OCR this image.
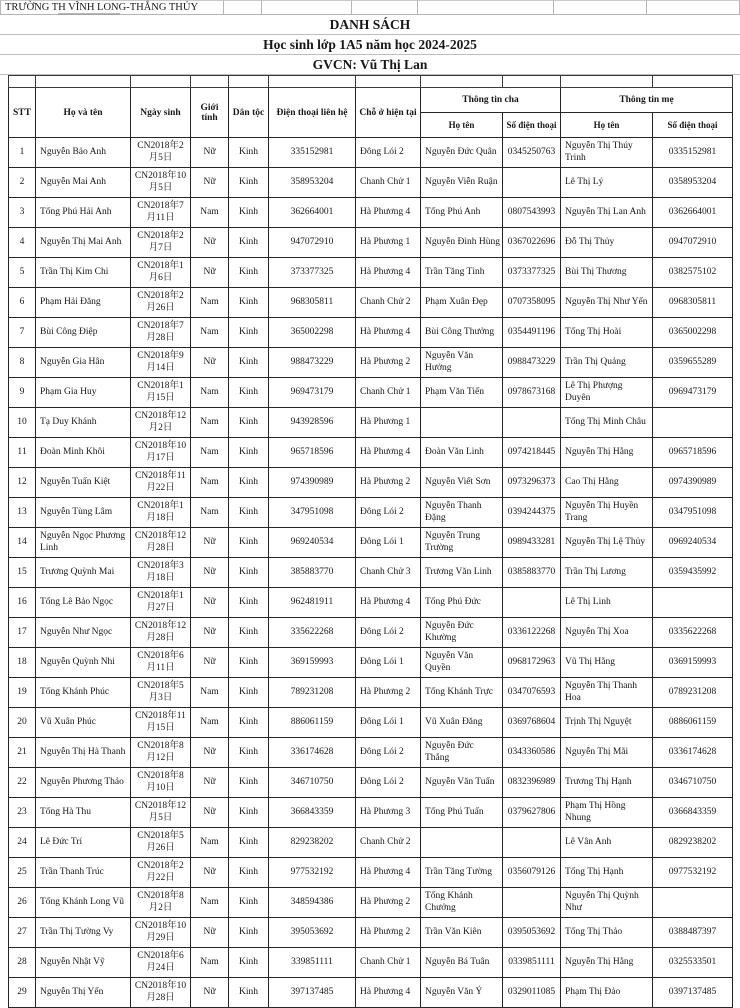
TRƯỜNG TH VĨNH LONG-THẮNG THỦY
DANH SÁCH
Học sinh lớp 1A5 năm học 2024-2025
GVCN: Vũ Thị Lan

STT	Họ và tên	Ngày sinh	Giới tính	Dân tộc	Điện thoại liên hệ	Chỗ ở hiện tại	Thông tin cha		Thông tin mẹ	
							Họ tên	Số điện thoại	Họ tên	Số điện thoại
1	Nguyễn Bảo Anh	CN2018年2月5日	Nữ	Kinh	335152981	Đông Lói 2	Nguyễn Đức Quân	0345250763	Nguyễn Thị Thúy Trinh	0335152981
2	Nguyễn Mai Anh	CN2018年10月5日	Nữ	Kinh	358953204	Chanh Chử 1	Nguyễn Viễn Ruận		Lê Thị Lý	0358953204
3	Tống Phú Hải Anh	CN2018年7月11日	Nam	Kinh	362664001	Hà Phương 4	Tống Phú Anh	0807543993	Nguyễn Thị Lan Anh	0362664001
4	Nguyễn Thị Mai Anh	CN2018年2月7日	Nữ	Kinh	947072910	Hà Phương 1	Nguyễn Đình Hùng	0367022696	Đỗ Thị Thủy	0947072910
5	Trần Thị Kim Chi	CN2018年1月6日	Nữ	Kinh	373377325	Hà Phương 4	Trần Tăng Tình	0373377325	Bùi Thị Thương	0382575102
6	Phạm Hải Đăng	CN2018年2月26日	Nam	Kinh	968305811	Chanh Chử 2	Phạm Xuân Đẹp	0707358095	Nguyễn Thị Như Yến	0968305811
7	Bùi Công Điệp	CN2018年7月28日	Nam	Kinh	365002298	Hà Phương 4	Bùi Công Thưởng	0354491196	Tống Thị Hoài	0365002298
8	Nguyễn Gia Hân	CN2018年9月14日	Nữ	Kinh	988473229	Hà Phương 2	Nguyễn Văn Hưởng	0988473229	Trần Thị Quảng	0359655289
9	Phạm Gia Huy	CN2018年1月15日	Nam	Kinh	969473179	Chanh Chử 1	Phạm Văn Tiến	0978673168	Lê Thị Phượng Duyên	0969473179
10	Tạ Duy Khánh	CN2018年12月2日	Nam	Kinh	943928596	Hà Phương 1			Tống Thị Minh Châu	
11	Đoàn Minh Khôi	CN2018年10月17日	Nam	Kinh	965718596	Hà Phương 4	Đoàn Văn Linh	0974218445	Nguyễn Thị Hằng	0965718596
12	Nguyễn Tuấn Kiệt	CN2018年11月22日	Nam	Kinh	974390989	Hà Phương 2	Nguyễn Viết Sơn	0973296373	Cao Thị Hằng	0974390989
13	Nguyễn Tùng Lâm	CN2018年1月18日	Nam	Kinh	347951098	Đông Lói 2	Nguyễn Thanh Đặng	0394244375	Nguyễn Thị Huyền Trang	0347951098
14	Nguyễn Ngọc Phương Linh	CN2018年12月28日	Nữ	Kinh	969240534	Đông Lói 1	Nguyễn Trung Trường	0989433281	Nguyễn Thị Lệ Thủy	0969240534
15	Trương Quỳnh Mai	CN2018年3月18日	Nữ	Kinh	385883770	Chanh Chử 3	Trương Văn Linh	0385883770	Trần Thị Lương	0359435992
16	Tống Lê Bảo Ngọc	CN2018年1月27日	Nữ	Kinh	962481911	Hà Phương 4	Tống Phú Đức		Lê Thị Linh	
17	Nguyễn Như Ngọc	CN2018年12月28日	Nữ	Kinh	335622268	Đông Lói 2	Nguyễn Đức Khường	0336122268	Nguyễn Thị Xoa	0335622268
18	Nguyễn Quỳnh Nhi	CN2018年6月11日	Nữ	Kinh	369159993	Đông Lói 1	Nguyễn Văn Quyền	0968172963	Vũ Thị Hằng	0369159993
19	Tống Khánh Phúc	CN2018年5月3日	Nam	Kinh	789231208	Hà Phương 2	Tống Khánh Trực	0347076593	Nguyễn Thị Thanh Hoa	0789231208
20	Vũ Xuân Phúc	CN2018年11月15日	Nam	Kinh	886061159	Đông Lói 1	Vũ Xuân Đăng	0369768604	Trịnh Thị Nguyệt	0886061159
21	Nguyễn Thị Hà Thanh	CN2018年8月12日	Nữ	Kinh	336174628	Đông Lói 2	Nguyễn Đức Thắng	0343360586	Nguyễn Thị Mãi	0336174628
22	Nguyễn Phương Thảo	CN2018年8月10日	Nữ	Kinh	346710750	Đông Lói 2	Nguyễn Văn Tuấn	0832396989	Trương Thị Hạnh	0346710750
23	Tống Hà Thu	CN2018年12月5日	Nữ	Kinh	366843359	Hà Phương 3	Tống Phú Tuấn	0379627806	Phạm Thị Hồng Nhung	0366843359
24	Lê Đức Trí	CN2018年5月26日	Nam	Kinh	829238202	Chanh Chử 2			Lê Vân Anh	0829238202
25	Trần Thanh Trúc	CN2018年2月22日	Nữ	Kinh	977532192	Hà Phương 4	Trần Tăng Tường	0356079126	Tống Thị Hạnh	0977532192
26	Tống Khánh Long Vũ	CN2018年8月2日	Nam	Kinh	348594386	Hà Phương 2	Tống Khánh Chưởng		Nguyễn Thị Quỳnh Như	
27	Trần Thị Tường Vy	CN2018年10月29日	Nữ	Kinh	395053692	Hà Phương 2	Trần Văn Kiên	0395053692	Tống Thị Thảo	0388487397
28	Nguyễn Nhật Vỹ	CN2018年6月24日	Nam	Kinh	339851111	Chanh Chử 1	Nguyễn Bá Tuân	0339851111	Nguyễn Thị Hằng	0325533501
29	Nguyễn Thị Yến	CN2018年10月28日	Nữ	Kinh	397137485	Hà Phương 4	Nguyễn Văn Ý	0329011085	Phạm Thị Đảo	0397137485
